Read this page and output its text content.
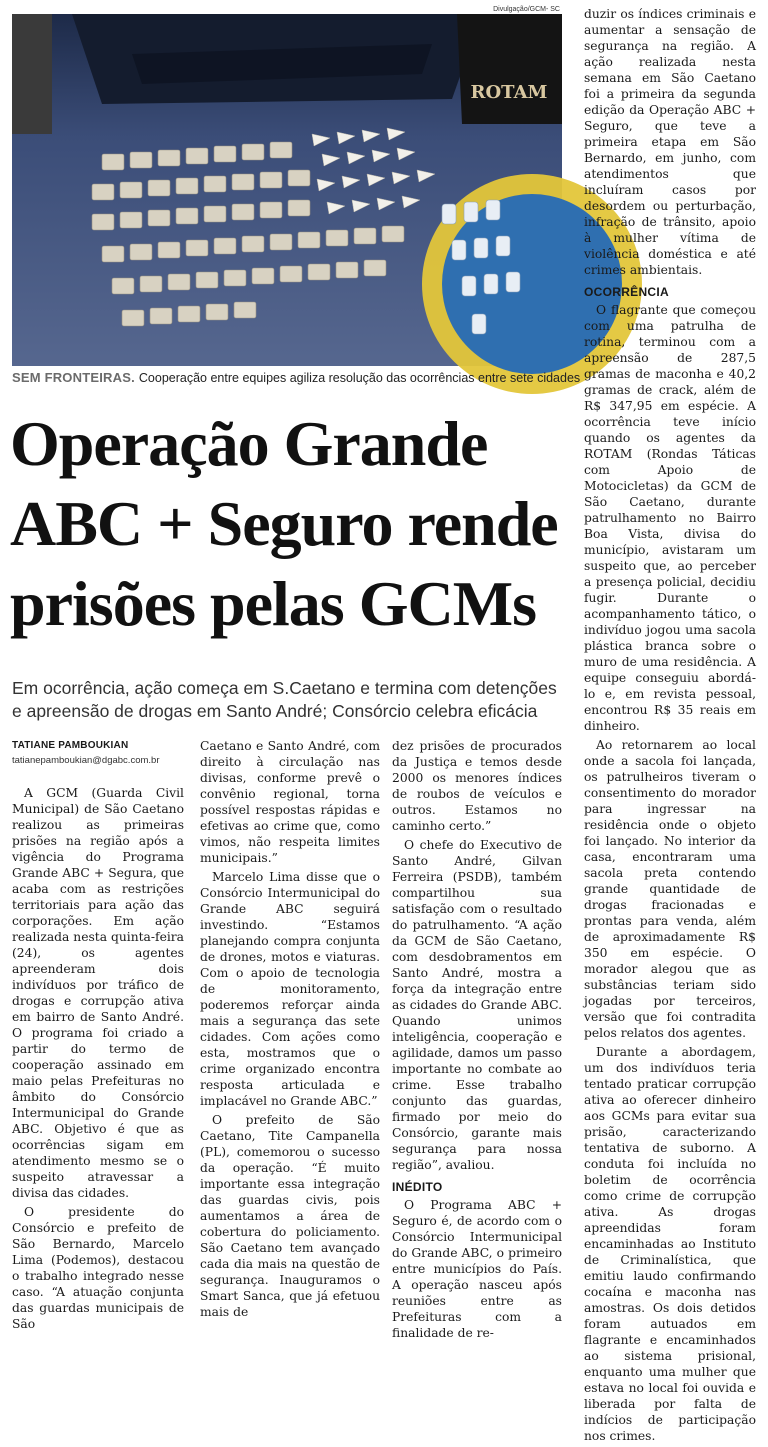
ROTAM
Divulgação/GCM- SC
SEM FRONTEIRAS. Cooperação entre equipes agiliza resolução das ocorrências entre sete cidades
Operação Grande
ABC + Seguro rende
prisões pelas GCMs
Em ocorrência, ação começa em S.Caetano e termina com detenções
e apreensão de drogas em Santo André; Consórcio celebra eficácia
TATIANE PAMBOUKIAN
tatianepamboukian@dgabc.com.br

A GCM (Guarda Civil Municipal) de São Caetano realizou as primeiras prisões na região após a vigência do Programa Grande ABC + Segura, que acaba com as restrições territoriais para ação das corporações. Em ação realizada nesta quinta-feira (24), os agentes apreenderam dois indivíduos por tráfico de drogas e corrupção ativa em bairro de Santo André. O programa foi criado a partir do termo de cooperação assinado em maio pelas Prefeituras no âmbito do Consórcio Intermunicipal do Grande ABC. Objetivo é que as ocorrências sigam em atendimento mesmo se o suspeito atravessar a divisa das cidades.

O presidente do Consórcio e prefeito de São Bernardo, Marcelo Lima (Podemos), destacou o trabalho integrado nesse caso. “A atuação conjunta das guardas municipais de São

Caetano e Santo André, com direito à circulação nas divisas, conforme prevê o convênio regional, torna possível respostas rápidas e efetivas ao crime que, como vimos, não respeita limites municipais.”

Marcelo Lima disse que o Consórcio Intermunicipal do Grande ABC seguirá investindo. “Estamos planejando compra conjunta de drones, motos e viaturas. Com o apoio de tecnologia de monitoramento, poderemos reforçar ainda mais a segurança das sete cidades. Com ações como esta, mostramos que o crime organizado encontra resposta articulada e implacável no Grande ABC.”

O prefeito de São Caetano, Tite Campanella (PL), comemorou o sucesso da operação. “É muito importante essa integração das guardas civis, pois aumentamos a área de cobertura do policiamento. São Caetano tem avançado cada dia mais na questão de segurança. Inauguramos o Smart Sanca, que já efetuou mais de

dez prisões de procurados da Justiça e temos desde 2000 os menores índices de roubos de veículos e outros. Estamos no caminho certo.”

O chefe do Executivo de Santo André, Gilvan Ferreira (PSDB), também compartilhou sua satisfação com o resultado do patrulhamento. “A ação da GCM de São Caetano, com desdobramentos em Santo André, mostra a força da integração entre as cidades do Grande ABC. Quando unimos inteligência, cooperação e agilidade, damos um passo importante no combate ao crime. Esse trabalho conjunto das guardas, firmado por meio do Consórcio, garante mais segurança para nossa região”, avaliou.

INÉDITO

O Programa ABC + Seguro é, de acordo com o Consórcio Intermunicipal do Grande ABC, o primeiro entre municípios do País. A operação nasceu após reuniões entre as Prefeituras com a finalidade de re-

duzir os índices criminais e aumentar a sensação de segurança na região. A ação realizada nesta semana em São Caetano foi a primeira da segunda edição da Operação ABC + Seguro, que teve a primeira etapa em São Bernardo, em junho, com atendimentos que incluíram casos por desordem ou perturbação, infração de trânsito, apoio à mulher vítima de violência doméstica e até crimes ambientais.

OCORRÊNCIA

O flagrante que começou com uma patrulha de rotina, terminou com a apreensão de 287,5 gramas de maconha e 40,2 gramas de crack, além de R$ 347,95 em espécie. A ocorrência teve início quando os agentes da ROTAM (Rondas Táticas com Apoio de Motocicletas) da GCM de São Caetano, durante patrulhamento no Bairro Boa Vista, divisa do município, avistaram um suspeito que, ao perceber a presença policial, decidiu fugir. Durante o acompanhamento tático, o indivíduo jogou uma sacola plástica branca sobre o muro de uma residência. A equipe conseguiu abordá-lo e, em revista pessoal, encontrou R$ 35 reais em dinheiro.

Ao retornarem ao local onde a sacola foi lançada, os patrulheiros tiveram o consentimento do morador para ingressar na residência onde o objeto foi lançado. No interior da casa, encontraram uma sacola preta contendo grande quantidade de drogas fracionadas e prontas para venda, além de aproximadamente R$ 350 em espécie. O morador alegou que as substâncias teriam sido jogadas por terceiros, versão que foi contradita pelos relatos dos agentes.

Durante a abordagem, um dos indivíduos teria tentado praticar corrupção ativa ao oferecer dinheiro aos GCMs para evitar sua prisão, caracterizando tentativa de suborno. A conduta foi incluída no boletim de ocorrência como crime de corrupção ativa. As drogas apreendidas foram encaminhadas ao Instituto de Criminalística, que emitiu laudo confirmando cocaína e maconha nas amostras. Os dois detidos foram autuados em flagrante e encaminhados ao sistema prisional, enquanto uma mulher que estava no local foi ouvida e liberada por falta de indícios de participação nos crimes.
